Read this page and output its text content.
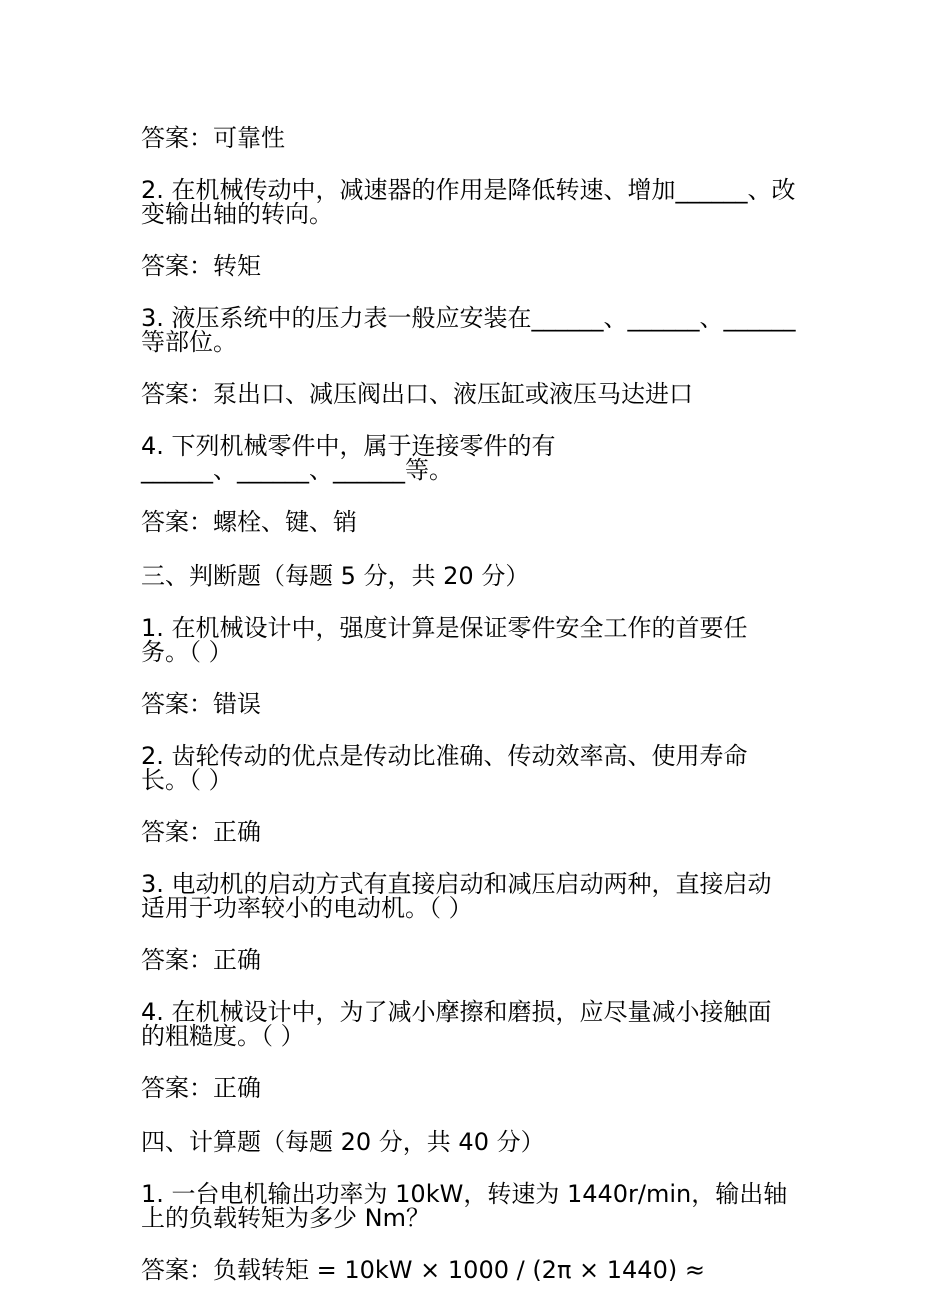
答案：可靠性
2. 在机械传动中，减速器的作用是降低转速、增加______、改
变输出轴的转向。
答案：转矩
3. 液压系统中的压力表一般应安装在______、______、______
等部位。
答案：泵出口、减压阀出口、液压缸或液压马达进口
4. 下列机械零件中，属于连接零件的有
______、______、______等。
答案：螺栓、键、销
三、判断题（每题 5 分，共 20 分）
1. 在机械设计中，强度计算是保证零件安全工作的首要任
务。（ ）
答案：错误
2. 齿轮传动的优点是传动比准确、传动效率高、使用寿命
长。（ ）
答案：正确
3. 电动机的启动方式有直接启动和减压启动两种，直接启动
适用于功率较小的电动机。（ ）
答案：正确
4. 在机械设计中，为了减小摩擦和磨损，应尽量减小接触面
的粗糙度。（ ）
答案：正确
四、计算题（每题 20 分，共 40 分）
1. 一台电机输出功率为 10kW，转速为 1440r/min，输出轴
上的负载转矩为多少 Nm？
答案：负载转矩 = 10kW × 1000 / (2π × 1440) ≈
